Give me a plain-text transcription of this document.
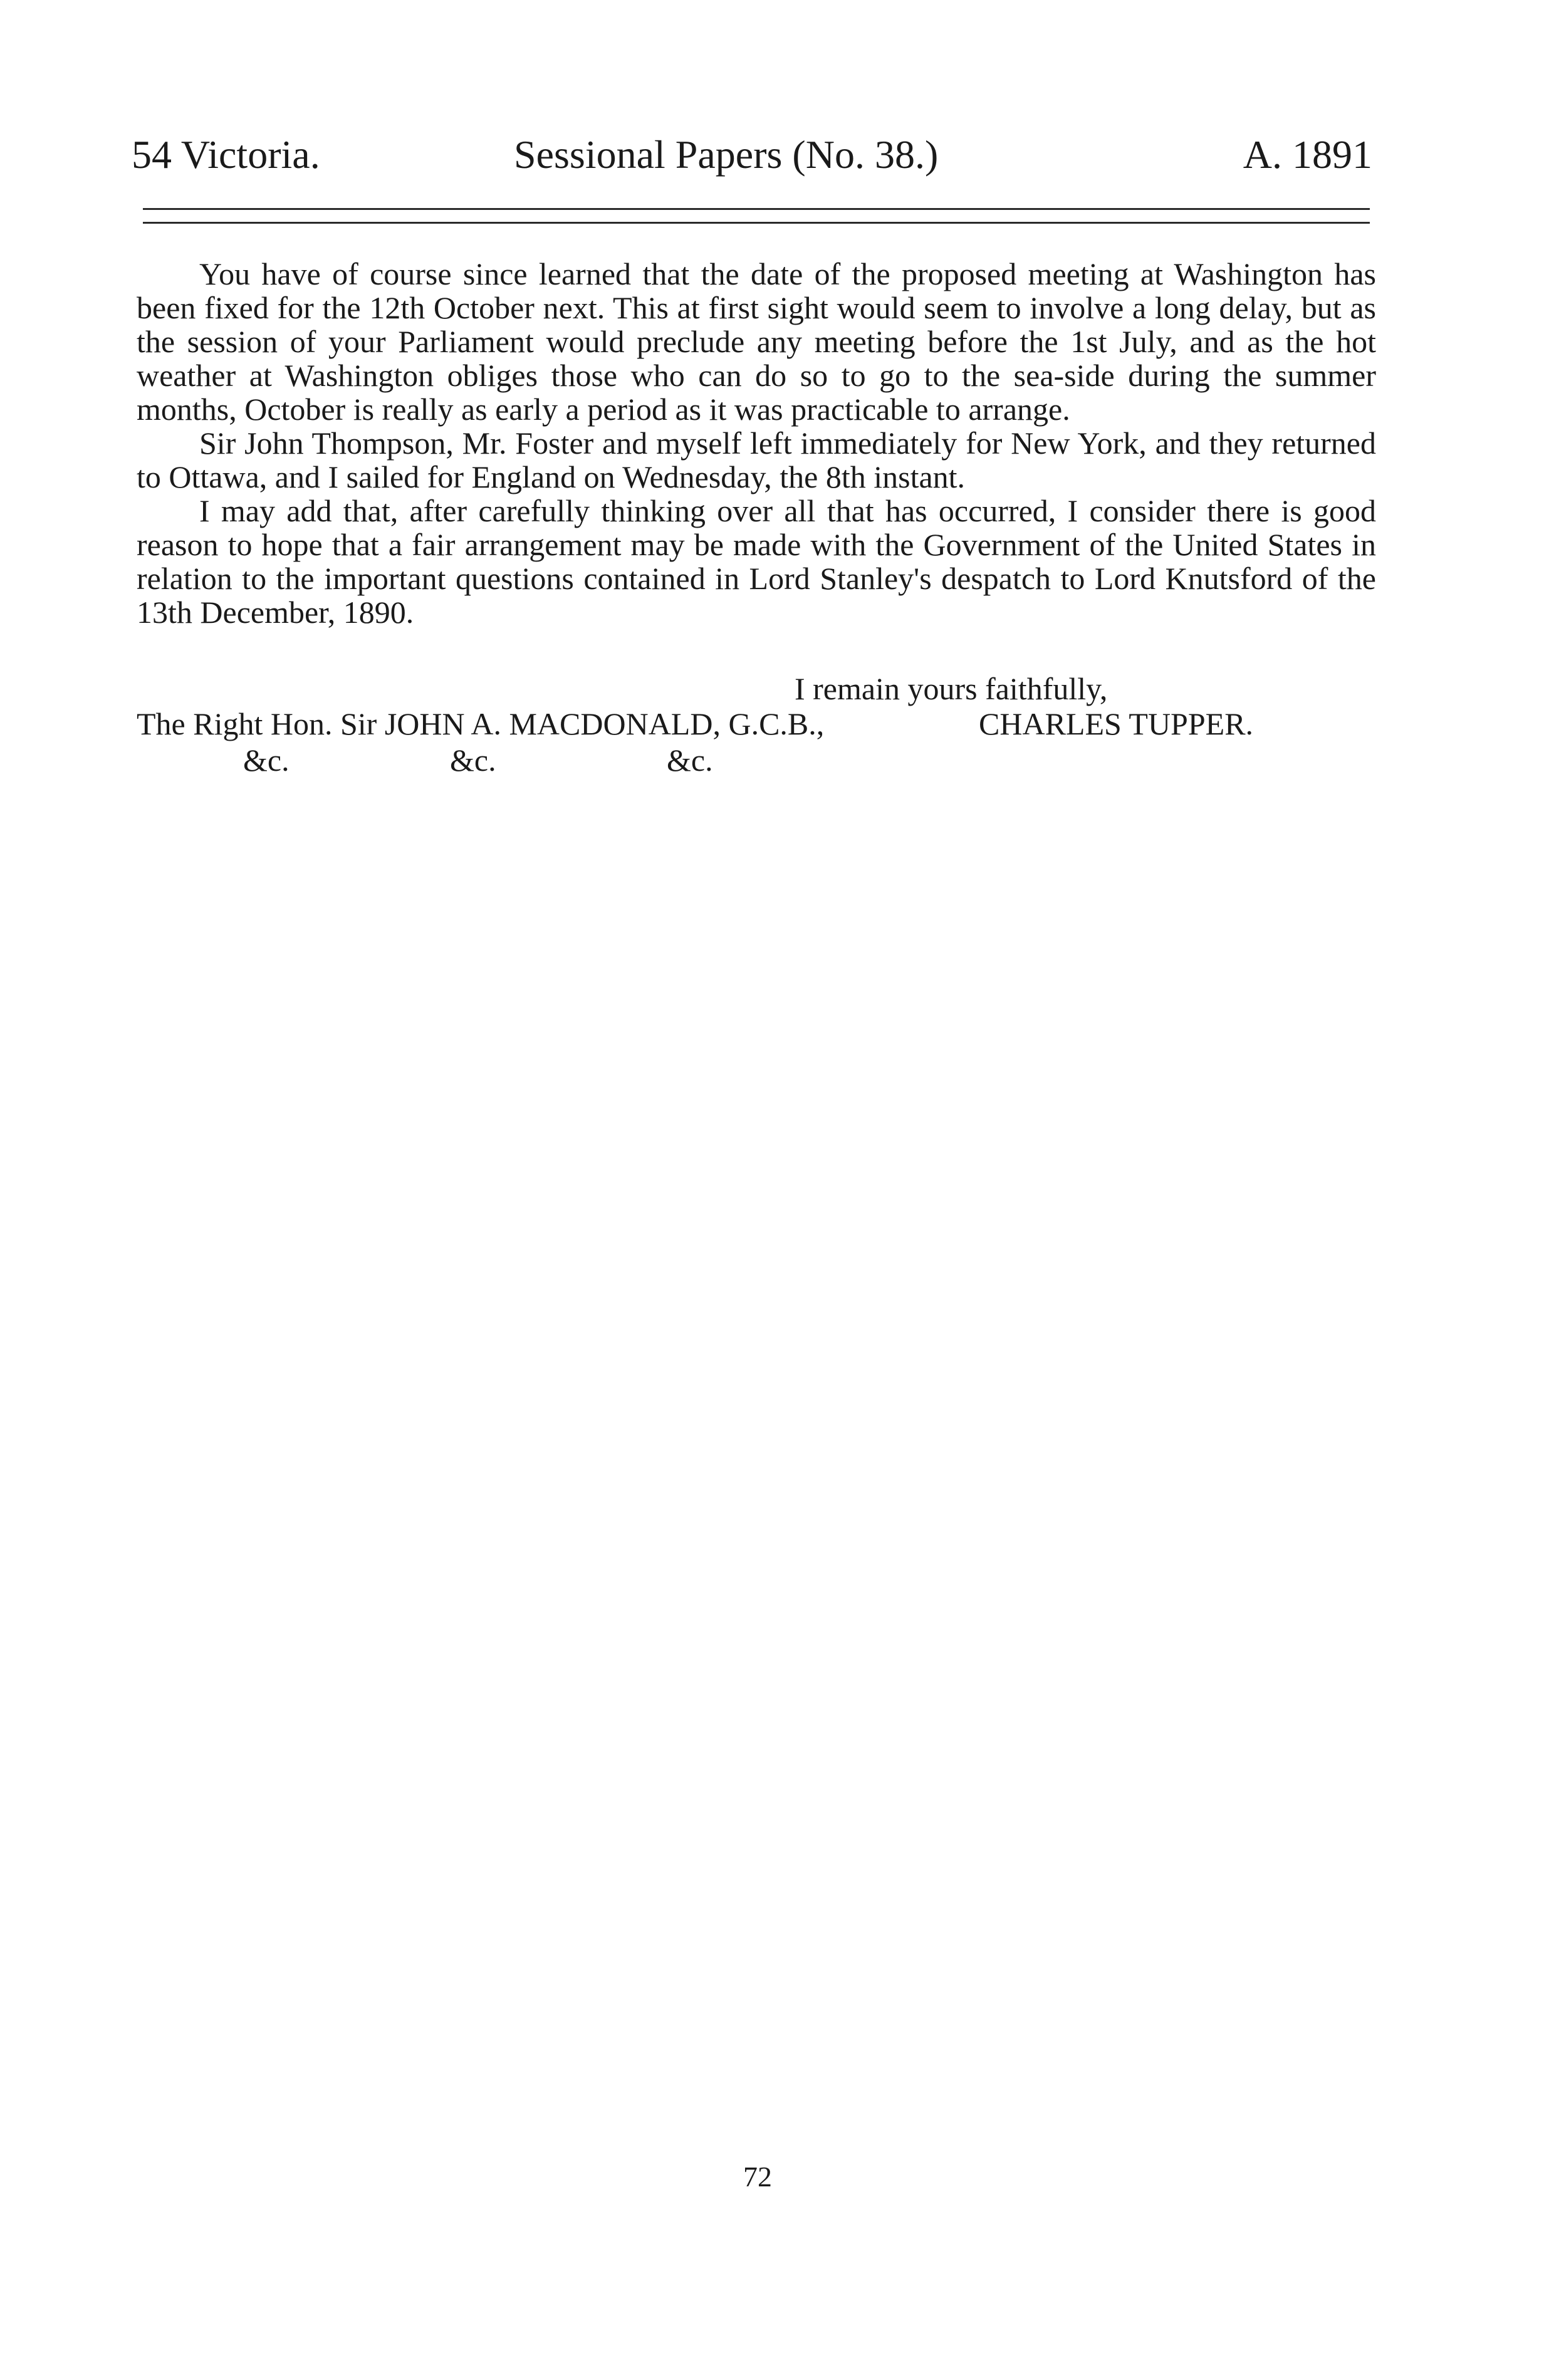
54 Victoria.	Sessional Papers (No. 38.)	A. 1891

You have of course since learned that the date of the proposed meeting at Washington has been fixed for the 12th October next. This at first sight would seem to involve a long delay, but as the session of your Parliament would preclude any meeting before the 1st July, and as the hot weather at Washington obliges those who can do so to go to the sea-side during the summer months, October is really as early a period as it was practicable to arrange.

Sir John Thompson, Mr. Foster and myself left immediately for New York, and they returned to Ottawa, and I sailed for England on Wednesday, the 8th instant.

I may add that, after carefully thinking over all that has occurred, I consider there is good reason to hope that a fair arrangement may be made with the Government of the United States in relation to the important questions contained in Lord Stanley's despatch to Lord Knutsford of the 13th December, 1890.

I remain yours faithfully,
The Right Hon. Sir JOHN A. MACDONALD, G.C.B.,	CHARLES TUPPER.
&c.	&c.	&c.
72
